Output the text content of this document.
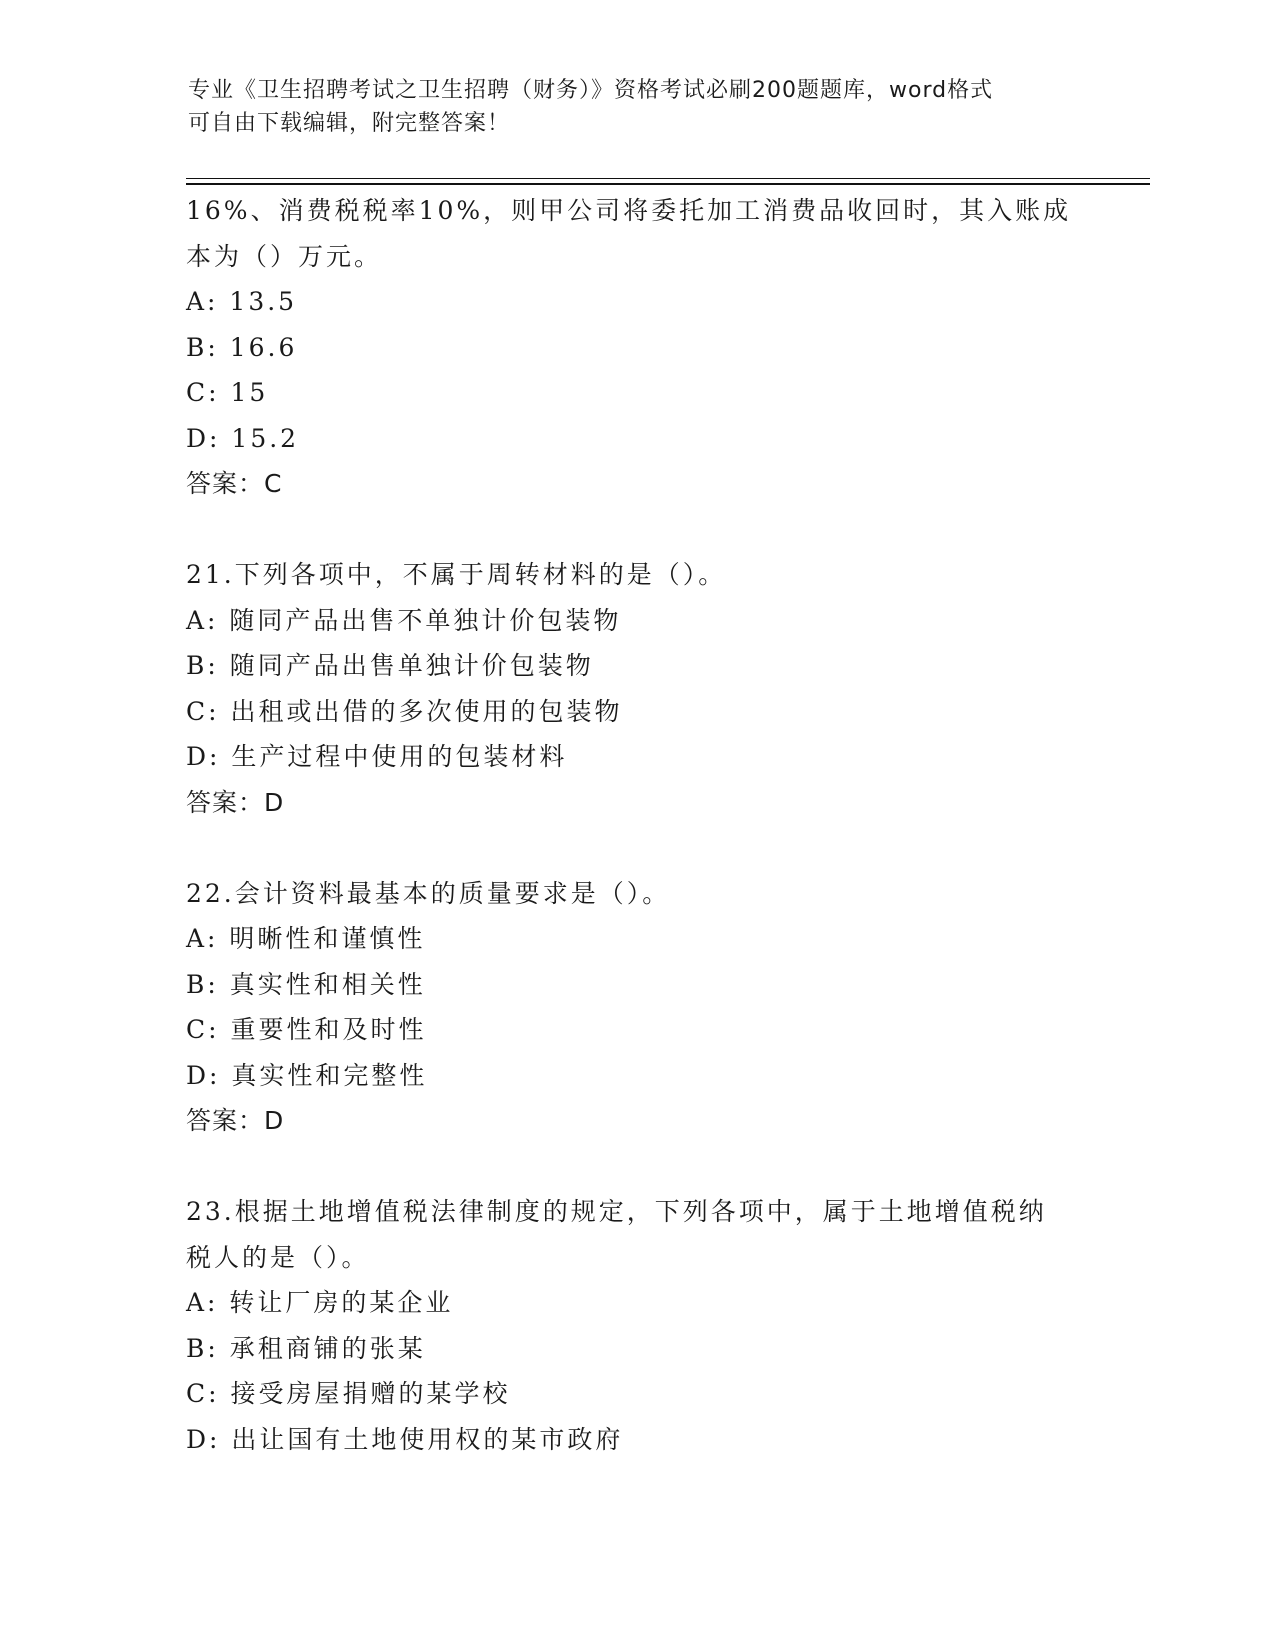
专业《卫生招聘考试之卫生招聘（财务）》资格考试必刷200题题库，word格式
可自由下载编辑，附完整答案！
16%、消费税税率10%，则甲公司将委托加工消费品收回时，其入账成
本为（）万元。
A: 13.5
B: 16.6
C: 15
D: 15.2
答案：C
21.下列各项中，不属于周转材料的是（）。
A: 随同产品出售不单独计价包装物
B: 随同产品出售单独计价包装物
C: 出租或出借的多次使用的包装物
D: 生产过程中使用的包装材料
答案：D
22.会计资料最基本的质量要求是（）。
A: 明晰性和谨慎性
B: 真实性和相关性
C: 重要性和及时性
D: 真实性和完整性
答案：D
23.根据土地增值税法律制度的规定，下列各项中，属于土地增值税纳
税人的是（）。
A: 转让厂房的某企业
B: 承租商铺的张某
C: 接受房屋捐赠的某学校
D: 出让国有土地使用权的某市政府
